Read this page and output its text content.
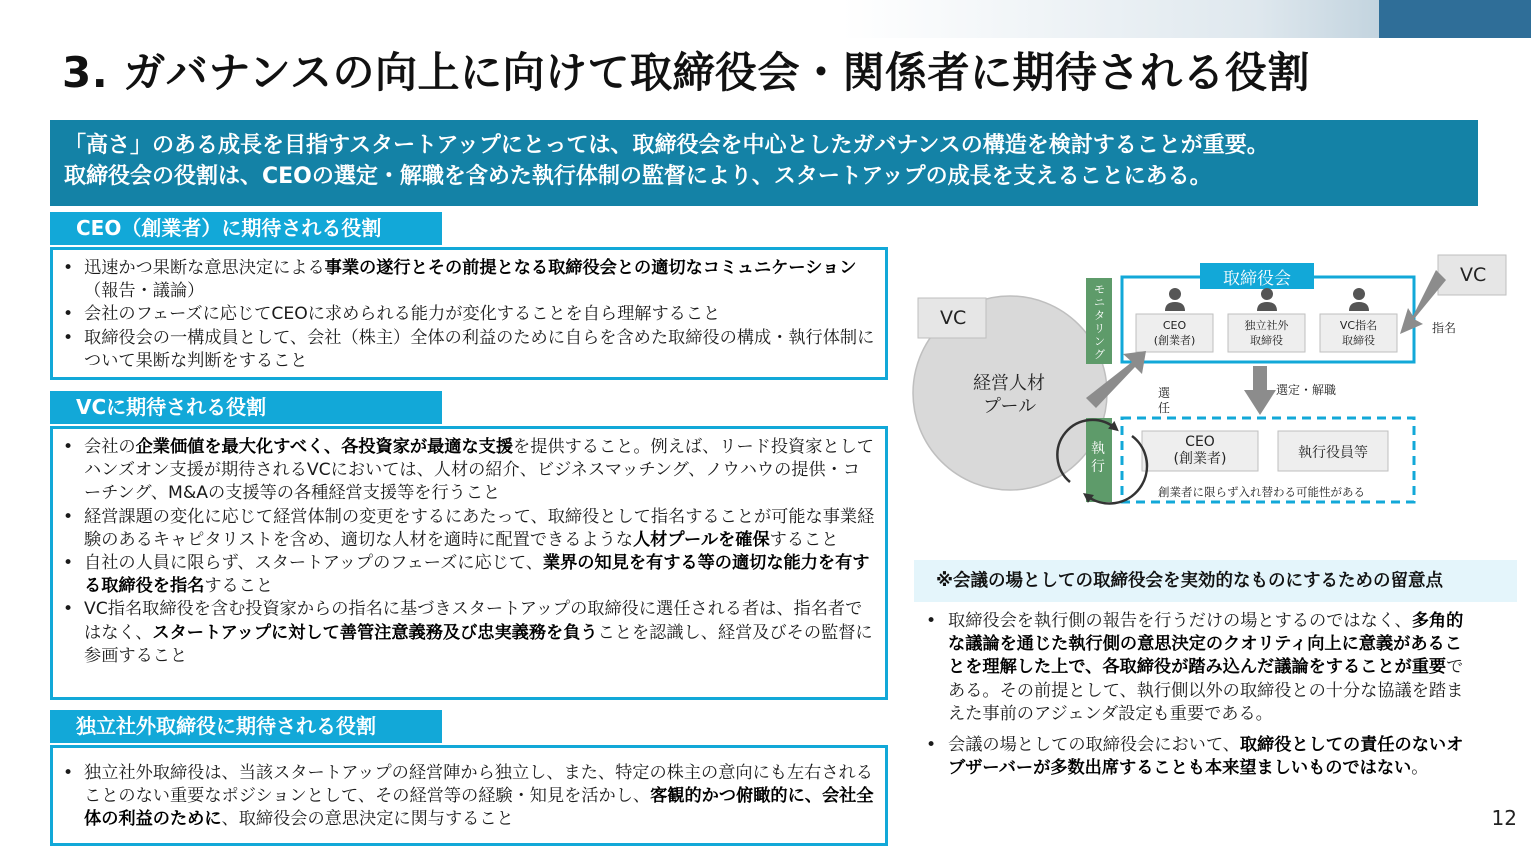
3. ガバナンスの向上に向けて取締役会・関係者に期待される役割
「高さ」のある成長を目指すスタートアップにとっては、取締役会を中心としたガバナンスの構造を検討することが重要。
取締役会の役割は、CEOの選定・解職を含めた執行体制の監督により、スタートアップの成長を支えることにある。
CEO（創業者）に期待される役割
• 迅速かつ果断な意思決定による事業の遂行とその前提となる取締役会との適切なコミュニケーション（報告・議論）
• 会社のフェーズに応じてCEOに求められる能力が変化することを自ら理解すること
• 取締役会の一構成員として、会社（株主）全体の利益のために自らを含めた取締役の構成・執行体制について果断な判断をすること
VCに期待される役割
• 会社の企業価値を最大化すべく、各投資家が最適な支援を提供すること。例えば、リード投資家としてハンズオン支援が期待されるVCにおいては、人材の紹介、ビジネスマッチング、ノウハウの提供・コーチング、M&Aの支援等の各種経営支援等を行うこと
• 経営課題の変化に応じて経営体制の変更をするにあたって、取締役として指名することが可能な事業経験のあるキャピタリストを含め、適切な人材を適時に配置できるような人材プールを確保すること
• 自社の人員に限らず、スタートアップのフェーズに応じて、業界の知見を有する等の適切な能力を有する取締役を指名すること
• VC指名取締役を含む投資家からの指名に基づきスタートアップの取締役に選任される者は、指名者ではなく、スタートアップに対して善管注意義務及び忠実義務を負うことを認識し、経営及びその監督に参画すること
独立社外取締役に期待される役割
• 独立社外取締役は、当該スタートアップの経営陣から独立し、また、特定の株主の意向にも左右されることのない重要なポジションとして、その経営等の経験・知見を活かし、客観的かつ俯瞰的に、会社全体の利益のために、取締役会の意思決定に関与すること
VC
VC
経営人材
プール
モニタリング
執行
取締役会
CEO
(創業者)
独立社外
取締役
VC指名
取締役
指名
選任
選定・解職
CEO
(創業者)	執行役員等
創業者に限らず入れ替わる可能性がある
※会議の場としての取締役会を実効的なものにするための留意点
• 取締役会を執行側の報告を行うだけの場とするのではなく、多角的な議論を通じた執行側の意思決定のクオリティ向上に意義があることを理解した上で、各取締役が踏み込んだ議論をすることが重要である。その前提として、執行側以外の取締役との十分な協議を踏まえた事前のアジェンダ設定も重要である。
• 会議の場としての取締役会において、取締役としての責任のないオブザーバーが多数出席することも本来望ましいものではない。
12
